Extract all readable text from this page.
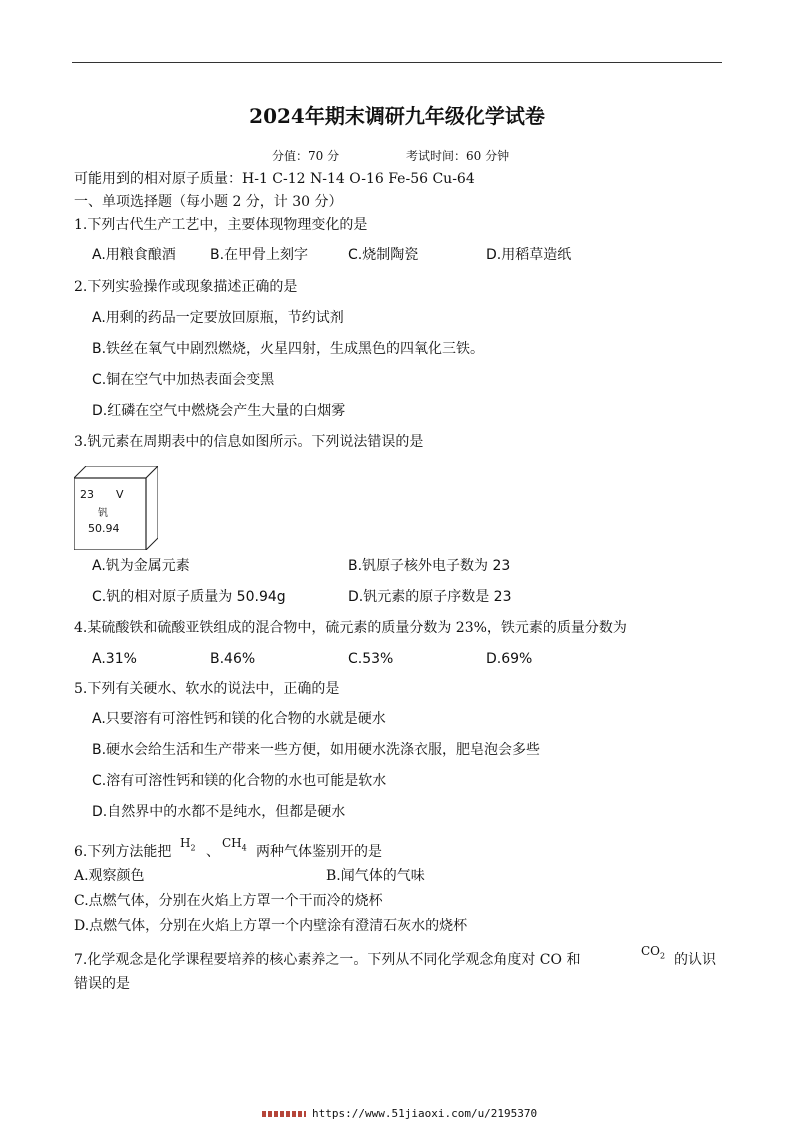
2024年期末调研九年级化学试卷
分值：70 分	考试时间：60 分钟
可能用到的相对原子质量：H-1 C-12 N-14 O-16 Fe-56 Cu-64
一、单项选择题（每小题 2 分，计 30 分）
1.下列古代生产工艺中，主要体现物理变化的是
A.用粮食酿酒 B.在甲骨上刻字	C.烧制陶瓷	D.用稻草造纸
2.下列实验操作或现象描述正确的是
A.用剩的药品一定要放回原瓶，节约试剂
B.铁丝在氧气中剧烈燃烧，火星四射，生成黑色的四氧化三铁。
C.铜在空气中加热表面会变黑
D.红磷在空气中燃烧会产生大量的白烟雾
3.钒元素在周期表中的信息如图所示。下列说法错误的是
23 V
钒
50.94
A.钒为金属元素	B.钒原子核外电子数为 23
C.钒的相对原子质量为 50.94g	D.钒元素的原子序数是 23
4.某硫酸铁和硫酸亚铁组成的混合物中，硫元素的质量分数为 23%，铁元素的质量分数为
A.31%	B.46%	C.53%	D.69%
5.下列有关硬水、软水的说法中，正确的是
A.只要溶有可溶性钙和镁的化合物的水就是硬水
B.硬水会给生活和生产带来一些方便，如用硬水洗涤衣服，肥皂泡会多些
C.溶有可溶性钙和镁的化合物的水也可能是软水
D.自然界中的水都不是纯水，但都是硬水
6.下列方法能把
$H_2$ 、
$CH_4$ 两种气体鉴别开的是
A.观察颜色	B.闻气体的气味
C.点燃气体，分别在火焰上方罩一个干而冷的烧杯
D.点燃气体，分别在火焰上方罩一个内壁涂有澄清石灰水的烧杯
7.化学观念是化学课程要培养的核心素养之一。下列从不同化学观念角度对 CO 和
$CO_2$ 的认识
错误的是
https://www.51jiaoxi.com/u/2195370
